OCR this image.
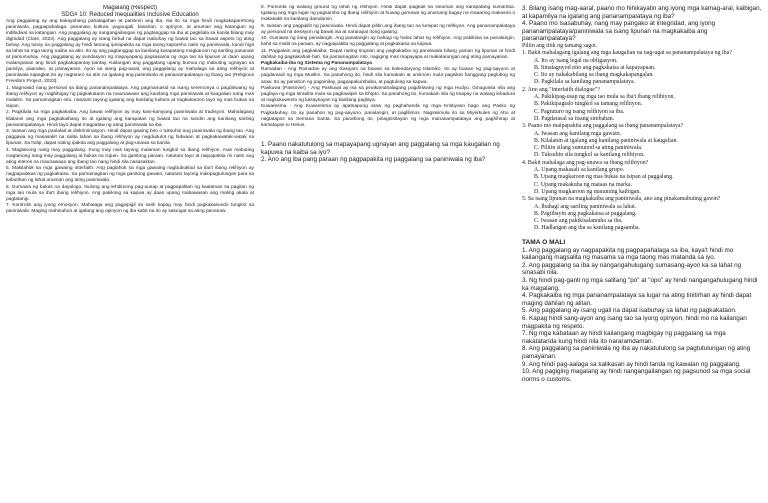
Magalang (Respect)
SDG# 10: Reduced Inequalities Inclusive Education

Ang paggalang ay ang kakayahang pahalagahan at pansinin ang iba. Isa ito sa mga hindi magkakaparehong paniniwala, pagpapahalaga, pananaw, kultura, paguugali, kasarian, o opinyon, at anuman ang katangian ng indibidwal na katangian. Ang paggalang ay nangangailangan ng pagtanggap sa iba at pagkilala sa kanila bilang may dignidad (Clare, 2023). Ang paggalang ay isang birtud na dapat isabuhay ng bawat tao sa bawat aspeto ng ating buhay. Ang tunay na paggalang ay hindi lamang ipinapakita sa mga taong kapareho natin ng paniniwala, kundi higit sa lahat sa mga taong naiiba sa atin. Ito ay ang pagtanggap sa kanilang karapatang magkaroon ng sariling pananaw at pamumuhay. Ang paggalang ay pundasyon ng mapayapang pagsasama ng mga tao sa lipunan at daan upang malampasan ang hindi pagkakapantay-pantay. Kailangan ang paggalang upang bumuo ng mabuting ugnayan sa pamilya, paaralan, at pamayanan. Ayon sa isang pag-aaral, ang paggalang ay mahalaga sa ating relihiyon at paniniwala sapagkat ito ay nagtuturo sa atin na igalang ang paniniwala at pananampalataya ng ibang tao (Religious Freedom Project, 2023).

1. Magmasid nang personal sa ibang pananampalataya. Ang pagmamasid sa isang seremonya o pagdiriwang ng ibang relihiyon ay nagbibigay ng pagkakataon na maunawaan ang kanilang mga paniniwala at kaugalian nang mas malalim. Sa pamamagitan nito, natututo tayong igalang ang kanilang kultura at nagkakaroon tayo ng mas bukas na isipan.

2. Pagkilala sa mga pagkakaiba. Ang bawat relihiyon ay may kani-kaniyang paniniwala at tradisyon. Mahalagang kilalanin ang mga pagkakaibang ito at igalang ang karapatan ng bawat tao na sundin ang kanilang sariling pananampalataya. Hindi tayo dapat magpataw ng ating paniniwala sa iba.

3. Iwasan ang mga panlalait at diskriminasyon. Hindi dapat gawing biro o tuksuhin ang paniniwala ng ibang tao. Ang paggawa ng masasakit na salita laban sa ibang relihiyon ay nagdudulot ng hidwaan at pagkakawatak-watak sa lipunan. Sa halip, dapat nating ipakita ang paggalang at pag-unawa sa kanila.

4. Magtanong nang may paggalang. Kung may nais tayong malaman tungkol sa ibang relihiyon, mas mabuting magtanong nang may paggalang at bukas na isipan. Sa ganitong paraan, natututo tayo at naipapakita rin natin ang ating interes na maunawaan ang ibang tao nang hindi sila nasasaktan.

5. Makilahok sa mga gawaing interfaith. Ang paglahok sa mga gawaing nagbubuklod sa iba't ibang relihiyon ay nagpapalakas ng pagkakaisa. Sa pamamagitan ng mga ganitong gawain, natututo tayong makipagtulungan para sa kabutihan ng lahat anuman ang ating paniniwala.

6. Gumawa ng bukas na dayalogo. Isulong ang lehitimong pag-uusap at pagpapalitan ng kaalaman sa pagitan ng mga tao mula sa iba't ibang relihiyon. Ang pakikinig sa kapwa ay daan upang mabawasan ang maling akala at pagtatangi.

7. Kontrolin ang iyong emosyon. Mahalaga ang pagpipigil sa sarili kapag may hindi pagkakasundo tungkol sa paniniwala. Maging mahinahon at igalang ang opinyon ng iba kahit na ito ay salungat sa ating pananaw.

8. Pumunta ng walang ground ng lahat ng relihiyon. Hindi dapat ipagkait sa sinuman ang karapatang sumamba. Igalang ang mga lugar ng pagsamba ng ibang relihiyon at huwag gumawa ng anumang bagay na maaaring makasira o makasakit sa kanilang damdamin.

9. Iwasan ang pagpipilit ng paniniwala. Hindi dapat pilitin ang ibang tao na lumipat ng relihiyon. Ang pananampalataya ay personal na desisyon ng bawat isa at nararapat itong igalang.

10. Gumawa ng ilang panalangin. Ang panalangin ay bahagi ng halos lahat ng relihiyon. Ang pakikiisa sa panalangin, kahit sa maliit na paraan, ay nagpapakita ng paggalang at pagkakaisa sa kapwa.

11. Pagpalain ang pagkakaiba. Dapat nating tingnan ang pagkakaiba ng paniniwala bilang yaman ng lipunan at hindi dahilan ng pagkakahati-hati. Sa pamamagitan nito, nagiging mas mapayapa at makatarungan ang ating pamayanan.

Pagkakaiba-iba ng Sistema ng Pananampalataya

Ramadan - Ang Ramadan ay ang ikasiyam na buwan sa kalendaryong Islamiko. Ito ay buwan ng pag-aayuno at pagdarasal ng mga Muslim. Sa panahong ito, hindi sila kumakain at umiinom mula pagsikat hanggang paglubog ng araw. Ito ay panahon ng pagninilay, pagpapakumbaba, at pagtulong sa kapwa.

Paskuwa (Passover) - Ang Paskuwa ay isa sa pinakamahalagang pagdiriwang ng mga Hudyo. Ginugunita nila ang paglaya ng mga Israelita mula sa pagkaalipin sa Ehipto. Sa panahong ito, kumakain sila ng tinapay na walang lebadura at nagkukuwento ng kasaysayan ng kanilang paglaya.

Kuwaresma - Ang Kuwaresma ay apatnapung araw ng paghahanda ng mga Kristiyano bago ang Pasko ng Pagkabuhay. Ito ay panahon ng pag-aayuno, panalangin, at paglilimos. Nagsisimula ito sa Miyerkules ng Abo at nagtatapos sa Semana Santa. Sa panahong ito, pinagninilayan ng mga mananampalataya ang paghihirap at kamatayan ni Hesus.

1. Paano nakatutulong sa mapayapang ugnayan ang paggalang sa mga kaugalian ng kapuwa na kaiba sa iyo?

2. Ano ang iba pang paraan ng pagpapakita ng paggalang sa paniniwala ng iba?

3. Bilang isang mag-aaral, paano mo hihikayatin ang iyong mga kamag-aral, kaibigan, at kapamilya na igalang ang pananampalataya ng iba?

4. Paano mo isasabuhay, nang may pangako at integridad, ang iyong pananampalataya/paniniwala sa isang lipunan na magkakaiba ang pananampalataya?

Piliin ang titik ng tamang sagot.

1. Bakit mahalagang igalang ang mga kaugalian na nag-ugat sa pananampalataya ng iba?

A. Ito ay isang legal na obligasyon.

B. Itinataguyod nito ang pagkakaisa at kapayapaan.

C. Ito ay nakakabilang sa ibang magkakapangalan.

D. Pagkilala sa kanilang pananampalataya.

2. Ano ang "interfaith dialogue"?

A. Pakikipag-usap ng mga tao mula sa iba't ibang relihiyon.

B. Pakikipagtalo tungkol sa tamang relihiyon.

C. Pagtuturo ng isang relihiyon sa iba.

D. Pagdarasal sa iisang simbahan.

3. Paano mo maipapakita ang paggalang sa ibang pananampalataya?

A. Iwasan ang kanilang mga gawain.

B. Kilalanin at igalang ang kanilang paniniwala at kaugalian.

C. Pilitin silang sumunod sa ating paniniwala.

D. Tuksuhin sila tungkol sa kanilang relihiyon.

4. Bakit mahalaga ang pag-unawa sa ibang relihiyon?

A. Upang makasali sa kanilang grupo.

B. Upang magkaroon ng mas bukas na isipan at paggalang.

C. Upang makakuha ng mataas na marka.

D. Upang magkaroon ng maraming kaibigan.

5. Sa isang lipunan na magkakaiba ang paniniwala, ano ang pinakamabuting gawin?

A. Ibahagi ang sariling paniniwala sa lahat.

B. Pagtibayin ang pagkakaisa at paggalang.

C. Iwasan ang pakikisalamuha sa iba.

D. Hadlangan ang iba sa kanilang pagsamba.

TAMA O MALI

1. Ang paggalang ay nagpapakita ng pagpapahalaga sa iba, kaya't hindi mo kailangang magsalita ng masama sa mga taong mas matanda sa iyo.

2. Ang paggalang sa iba ay nangangahulugang sumasang-ayon ka sa lahat ng sinasabi nila.

3. Ng hindi pag-ganti ng mga salitang "po" at "opo" ay hindi nangangahulugang hindi ka magalang.

4. Pagkakaiba ng mga pananampalataya sa lugar na ating tinitirhan ay hindi dapat maging dahilan ng alitan.

5. Ang paggalang ay isang ugali na dapat isabuhay sa lahat ng pagkakataon.

6. Kapag hindi sang-ayon ang isang tao sa iyong opinyon, hindi mo na kailangan magpakita ng respeto.

7. Ng mga kabataan ay hindi kailangang magbigay ng paggalang sa mga nakatatanda kung hindi nila ito nararamdaman.

8. Ang paggalang sa paniniwala ng iba ay nakatutulong sa pagtutulungan ng ating pamayanan.

9. Ang hindi pag-aalaga sa kalikasan ay hindi tanda ng kawalan ng paggalang.

10. Ang pagiging magalang ay hindi nangangailangan ng pagsunod sa mga social norms o customs.
